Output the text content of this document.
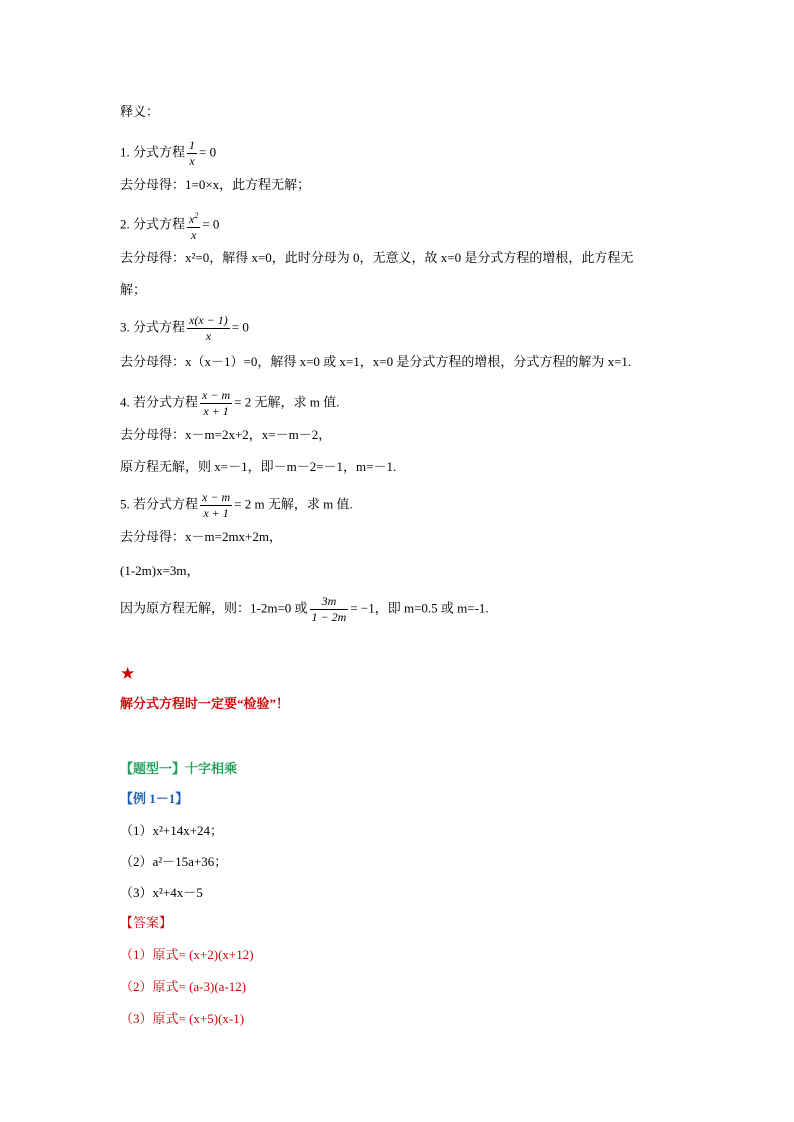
释义：
1. 分式方程 $\frac{1}{x} = 0$
去分母得：1=0×x，此方程无解；
2. 分式方程 $\frac{x^2}{x} = 0$
去分母得：x²=0，解得 x=0，此时分母为 0，无意义，故 x=0 是分式方程的增根，此方程无
解；
3. 分式方程 $\frac{x(x - 1)}{x} = 0$
去分母得：x（x－1）=0，解得 x=0 或 x=1，x=0 是分式方程的增根，分式方程的解为 x=1.
4. 若分式方程 $\frac{x - m}{x + 1} = 2$ 无解，求 m 值.
去分母得：x－m=2x+2，x=－m－2，
原方程无解，则 x=－1，即－m－2=－1，m=－1.
5. 若分式方程 $\frac{x - m}{x + 1} = 2$ m 无解，求 m 值.
去分母得：x－m=2mx+2m，
(1-2m)x=3m，
因为原方程无解，则：1-2m=0 或 $\frac{3m}{1 - 2m} = -1$，即 m=0.5 或 m=-1.
★
解分式方程时一定要“检验”！
【题型一】十字相乘
【例 1－1】
（1）x²+14x+24；
（2）a²－15a+36；
（3）x²+4x－5
【答案】
（1）原式= (x+2)(x+12)
（2）原式= (a-3)(a-12)
（3）原式= (x+5)(x-1)
